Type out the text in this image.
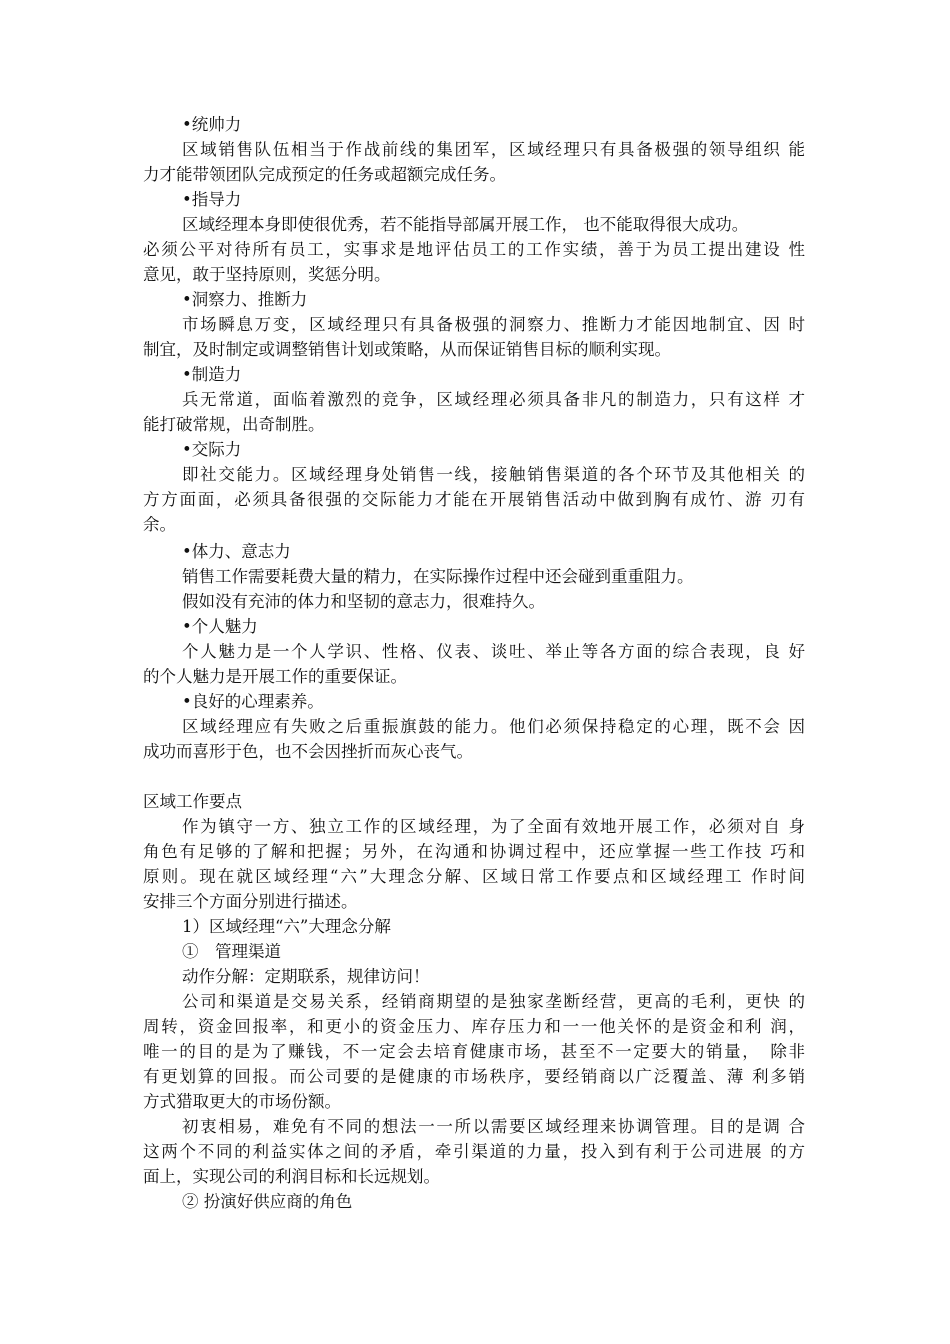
•统帅力
区域销售队伍相当于作战前线的集团军，区域经理只有具备极强的领导组织 能
力才能带领团队完成预定的任务或超额完成任务。
•指导力
区域经理本身即使很优秀，若不能指导部属开展工作， 也不能取得很大成功。
必须公平对待所有员工，实事求是地评估员工的工作实绩，善于为员工提出建设 性
意见，敢于坚持原则，奖惩分明。
•洞察力、推断力
市场瞬息万变，区域经理只有具备极强的洞察力、推断力才能因地制宜、因 时
制宜，及时制定或调整销售计划或策略，从而保证销售目标的顺利实现。
•制造力
兵无常道，面临着激烈的竞争，区域经理必须具备非凡的制造力，只有这样 才
能打破常规，出奇制胜。
•交际力
即社交能力。区域经理身处销售一线，接触销售渠道的各个环节及其他相关 的
方方面面，必须具备很强的交际能力才能在开展销售活动中做到胸有成竹、游 刃有
余。
•体力、意志力
销售工作需要耗费大量的精力，在实际操作过程中还会碰到重重阻力。
假如没有充沛的体力和坚韧的意志力，很难持久。
•个人魅力
个人魅力是一个人学识、性格、仪表、谈吐、举止等各方面的综合表现，良 好
的个人魅力是开展工作的重要保证。
•良好的心理素养。
区域经理应有失败之后重振旗鼓的能力。他们必须保持稳定的心理，既不会 因
成功而喜形于色，也不会因挫折而灰心丧气。
区域工作要点
作为镇守一方、独立工作的区域经理，为了全面有效地开展工作，必须对自 身
角色有足够的了解和把握；另外，在沟通和协调过程中，还应掌握一些工作技 巧和
原则。现在就区域经理“六”大理念分解、区域日常工作要点和区域经理工 作时间
安排三个方面分别进行描述。
1）区域经理“六”大理念分解
①　管理渠道
动作分解：定期联系，规律访问！
公司和渠道是交易关系，经销商期望的是独家垄断经营，更高的毛利，更快 的
周转，资金回报率，和更小的资金压力、库存压力和一一他关怀的是资金和利 润，
唯一的目的是为了赚钱，不一定会去培育健康市场，甚至不一定要大的销量，　除非
有更划算的回报。而公司要的是健康的市场秩序，要经销商以广泛覆盖、薄 利多销
方式猎取更大的市场份额。
初衷相易，难免有不同的想法一一所以需要区域经理来协调管理。目的是调 合
这两个不同的利益实体之间的矛盾，牵引渠道的力量，投入到有利于公司进展 的方
面上，实现公司的利润目标和长远规划。
② 扮演好供应商的角色
